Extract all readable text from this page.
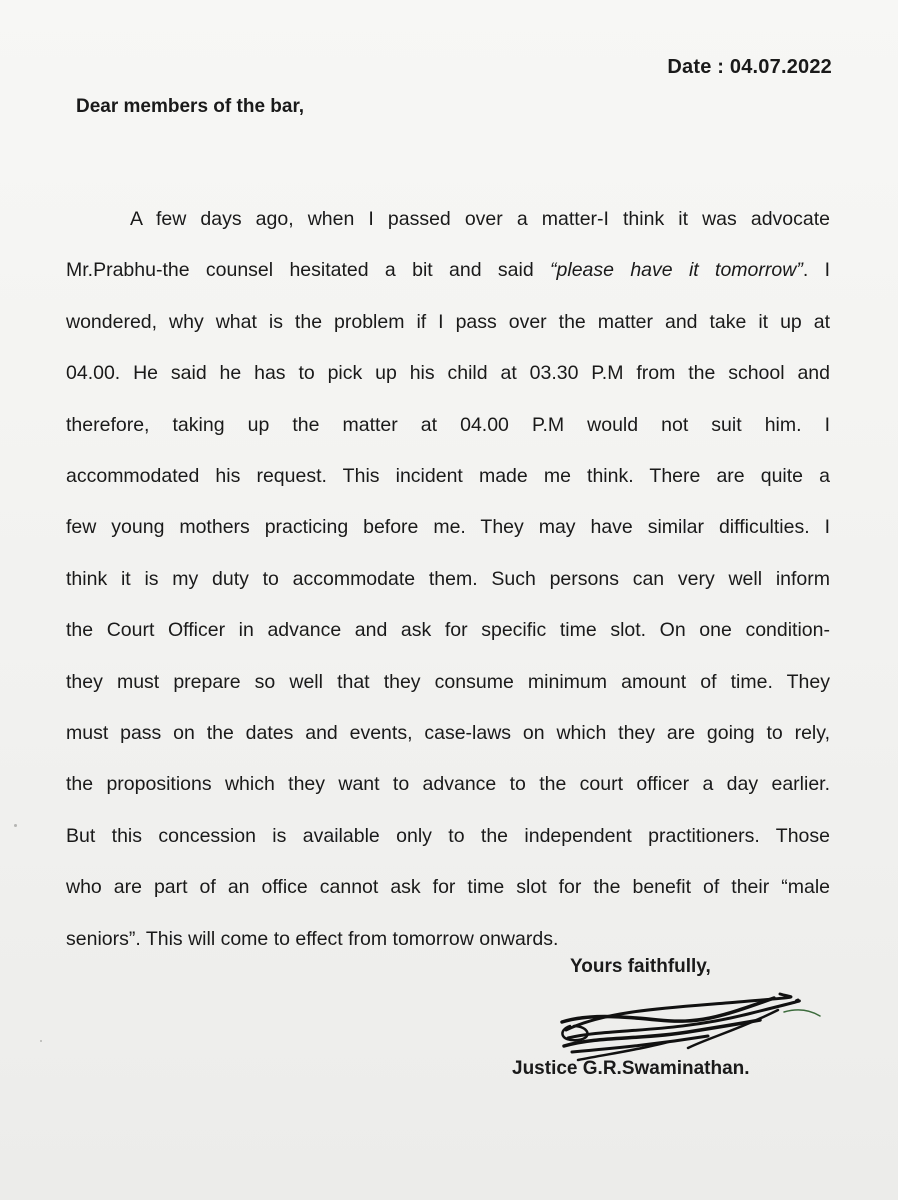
Date : 04.07.2022
Dear members of the bar,
A few days ago, when I passed over a matter-I think it was advocate
Mr.Prabhu-the counsel hesitated a bit and said “please have it tomorrow”. I
wondered, why what is the problem if I pass over the matter and take it up at
04.00. He said he has to pick up his child at 03.30 P.M from the school and
therefore, taking up the matter at 04.00 P.M would not suit him. I
accommodated his request. This incident made me think. There are quite a
few young mothers practicing before me. They may have similar difficulties. I
think it is my duty to accommodate them. Such persons can very well inform
the Court Officer in advance and ask for specific time slot. On one condition-
they must prepare so well that they consume minimum amount of time. They
must pass on the dates and events, case-laws on which they are going to rely,
the propositions which they want to advance to the court officer a day earlier.
But this concession is available only to the independent practitioners. Those
who are part of an office cannot ask for time slot for the benefit of their “male
seniors”. This will come to effect from tomorrow onwards.
Yours faithfully,
Justice G.R.Swaminathan.
